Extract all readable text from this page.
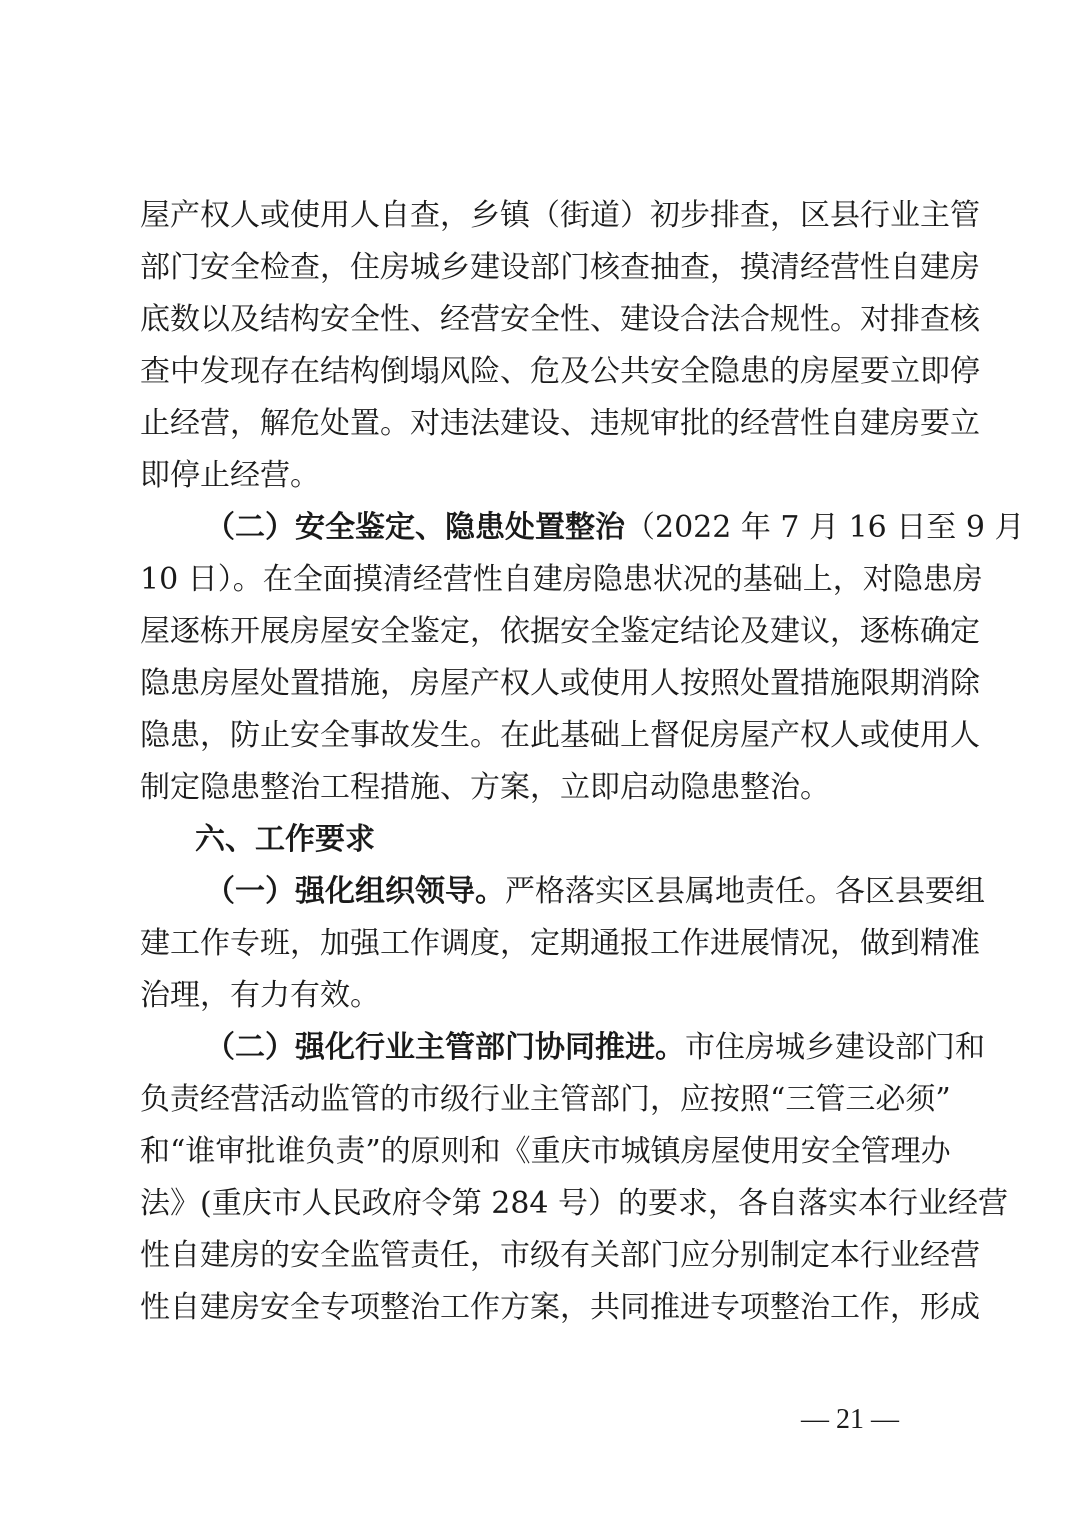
屋产权人或使用人自查，乡镇（街道）初步排查，区县行业主管
部门安全检查，住房城乡建设部门核查抽查，摸清经营性自建房
底数以及结构安全性、经营安全性、建设合法合规性。对排查核
查中发现存在结构倒塌风险、危及公共安全隐患的房屋要立即停
止经营，解危处置。对违法建设、违规审批的经营性自建房要立
即停止经营。
（二）安全鉴定、隐患处置整治（2022 年 7 月 16 日至 9 月
10 日）。在全面摸清经营性自建房隐患状况的基础上，对隐患房
屋逐栋开展房屋安全鉴定，依据安全鉴定结论及建议，逐栋确定
隐患房屋处置措施，房屋产权人或使用人按照处置措施限期消除
隐患，防止安全事故发生。在此基础上督促房屋产权人或使用人
制定隐患整治工程措施、方案，立即启动隐患整治。
六、工作要求
（一）强化组织领导。严格落实区县属地责任。各区县要组
建工作专班，加强工作调度，定期通报工作进展情况，做到精准
治理，有力有效。
（二）强化行业主管部门协同推进。市住房城乡建设部门和
负责经营活动监管的市级行业主管部门，应按照“三管三必须”
和“谁审批谁负责”的原则和《重庆市城镇房屋使用安全管理办
法》(重庆市人民政府令第 284 号）的要求，各自落实本行业经营
性自建房的安全监管责任，市级有关部门应分别制定本行业经营
性自建房安全专项整治工作方案，共同推进专项整治工作，形成
— 21 —
